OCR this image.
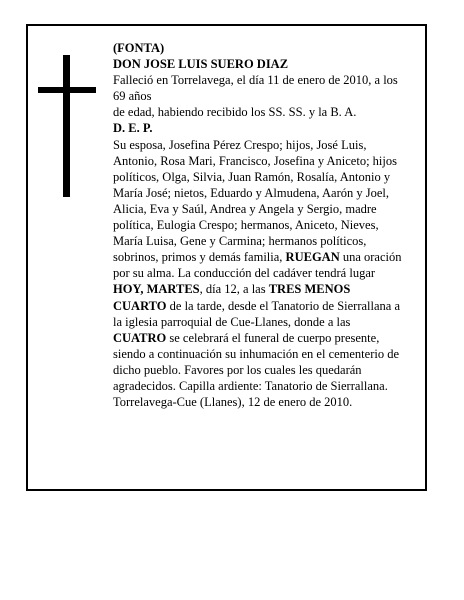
(FONTA)

DON JOSE LUIS SUERO DIAZ

Falleció en Torrelavega, el día 11 de enero de 2010, a los 69 años

de edad, habiendo recibido los SS. SS. y la B. A.

D. E. P.

Su esposa, Josefina Pérez Crespo; hijos, José Luis, Antonio, Rosa Mari, Francisco, Josefina y Aniceto; hijos políticos, Olga, Silvia, Juan Ramón, Rosalía, Antonio y María José; nietos, Eduardo y Almudena, Aarón y Joel, Alicia, Eva y Saúl, Andrea y Angela y Sergio, madre política, Eulogia Crespo; hermanos, Aniceto, Nieves, María Luisa, Gene y Carmina; hermanos políticos, sobrinos, primos y demás familia, RUEGAN una oración por su alma. La conducción del cadáver tendrá lugar HOY, MARTES, día 12, a las TRES MENOS CUARTO de la tarde, desde el Tanatorio de Sierrallana a la iglesia parroquial de Cue-Llanes, donde a las CUATRO se celebrará el funeral de cuerpo presente, siendo a continuación su inhumación en el cementerio de dicho pueblo. Favores por los cuales les quedarán agradecidos. Capilla ardiente: Tanatorio de Sierrallana.

Torrelavega-Cue (Llanes), 12 de enero de 2010.
